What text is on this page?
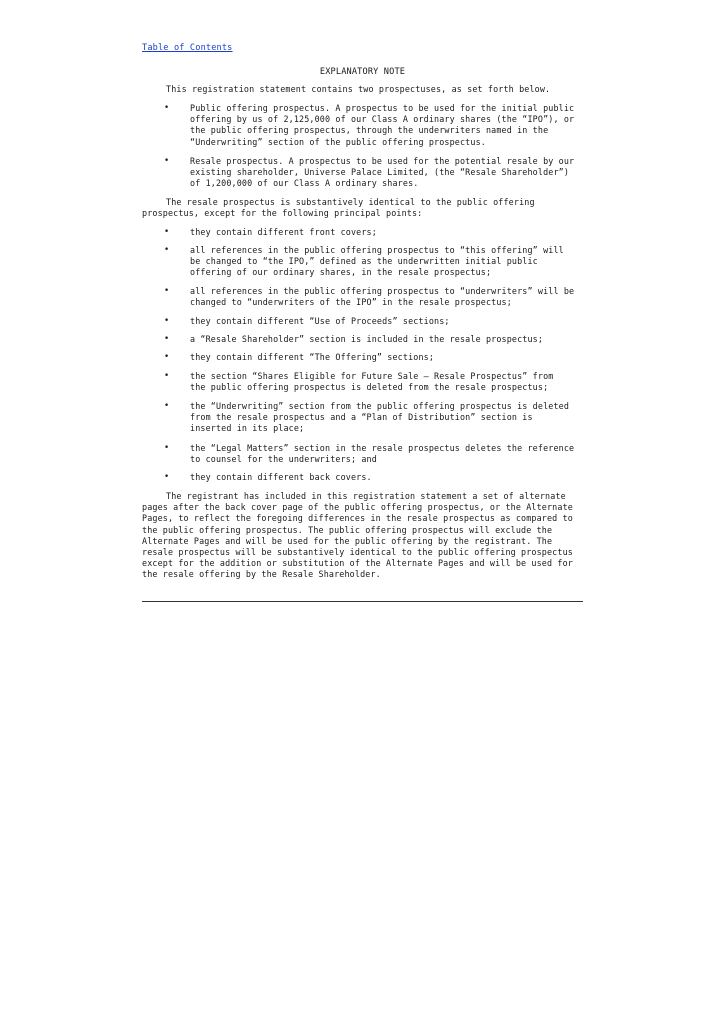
Table of Contents
EXPLANATORY NOTE
This registration statement contains two prospectuses, as set forth below.
• Public offering prospectus. A prospectus to be used for the initial public
offering by us of 2,125,000 of our Class A ordinary shares (the “IPO”), or
the public offering prospectus, through the underwriters named in the
“Underwriting” section of the public offering prospectus.
• Resale prospectus. A prospectus to be used for the potential resale by our
existing shareholder, Universe Palace Limited, (the “Resale Shareholder”)
of 1,200,000 of our Class A ordinary shares.
The resale prospectus is substantively identical to the public offering
prospectus, except for the following principal points:
• they contain different front covers;
• all references in the public offering prospectus to “this offering” will
be changed to “the IPO,” defined as the underwritten initial public
offering of our ordinary shares, in the resale prospectus;
• all references in the public offering prospectus to “underwriters” will be
changed to “underwriters of the IPO” in the resale prospectus;
• they contain different “Use of Proceeds” sections;
• a “Resale Shareholder” section is included in the resale prospectus;
• they contain different “The Offering” sections;
• the section “Shares Eligible for Future Sale — Resale Prospectus” from
the public offering prospectus is deleted from the resale prospectus;
• the “Underwriting” section from the public offering prospectus is deleted
from the resale prospectus and a “Plan of Distribution” section is
inserted in its place;
• the “Legal Matters” section in the resale prospectus deletes the reference
to counsel for the underwriters; and
• they contain different back covers.
The registrant has included in this registration statement a set of alternate
pages after the back cover page of the public offering prospectus, or the Alternate
Pages, to reflect the foregoing differences in the resale prospectus as compared to
the public offering prospectus. The public offering prospectus will exclude the
Alternate Pages and will be used for the public offering by the registrant. The
resale prospectus will be substantively identical to the public offering prospectus
except for the addition or substitution of the Alternate Pages and will be used for
the resale offering by the Resale Shareholder.
